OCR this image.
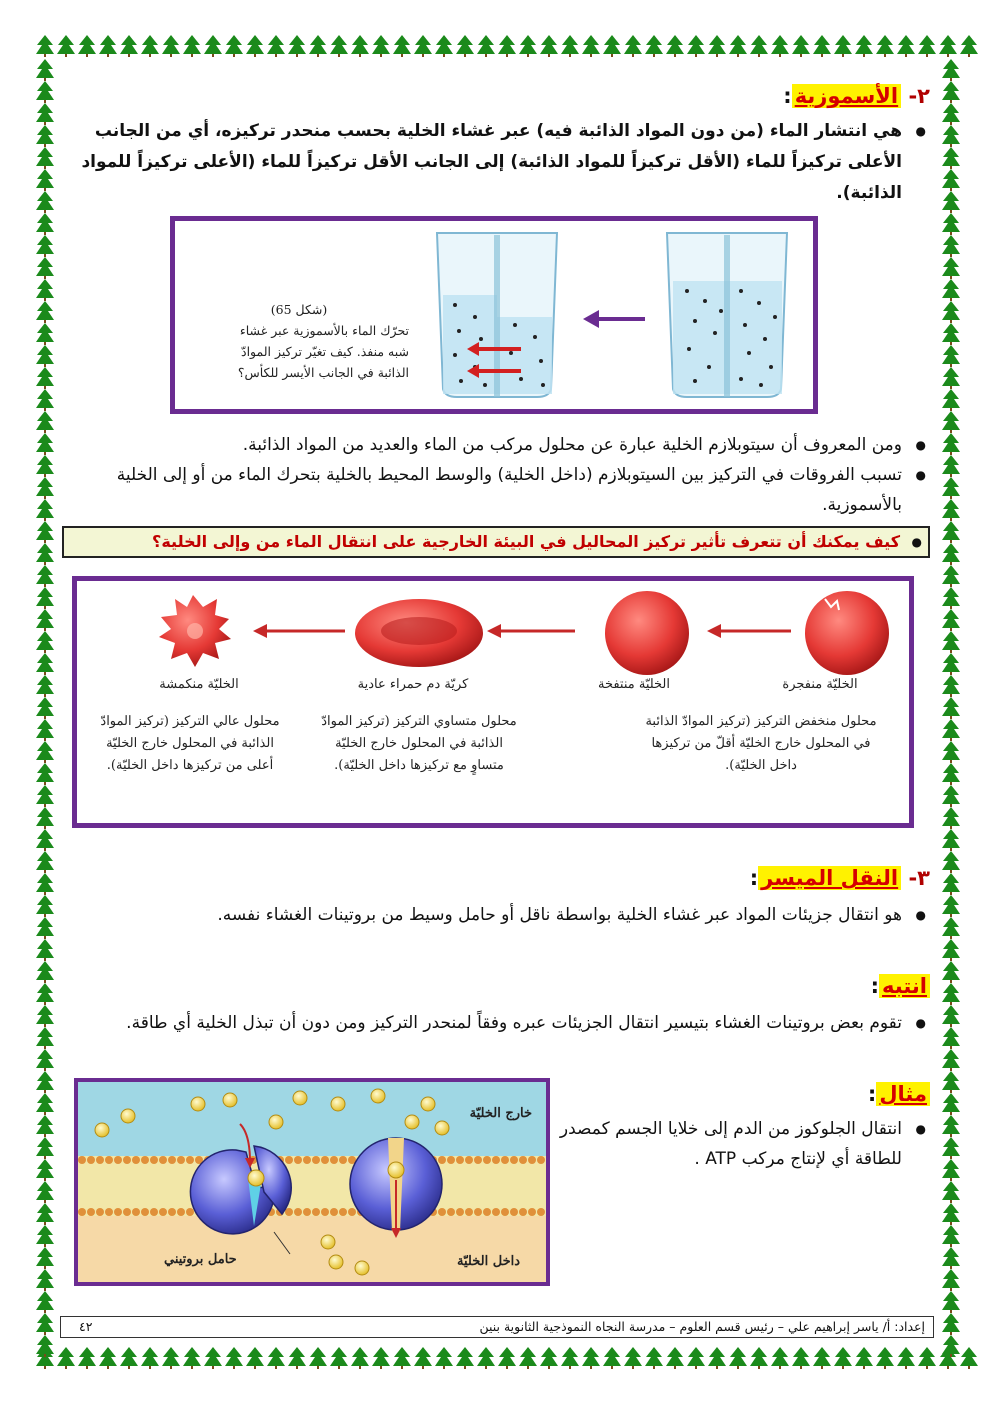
٢- الأسموزية:
● هي انتشار الماء (من دون المواد الذائبة فيه) عبر غشاء الخلية بحسب منحدر تركيزه، أي من الجانب الأعلى تركيزاً للماء (الأقل تركيزاً للمواد الذائبة) إلى الجانب الأقل تركيزاً للماء (الأعلى تركيزاً للمواد الذائبة).
(شكل 65)
تحرّك الماء بالأسموزية عبر غشاء
شبه منفذ. كيف تغيّر تركيز الموادّ
الذائبة في الجانب الأيسر للكأس؟
● ومن المعروف أن سيتوبلازم الخلية عبارة عن محلول مركب من الماء والعديد من المواد الذائبة.
● تسبب الفروقات في التركيز بين السيتوبلازم (داخل الخلية) والوسط المحيط بالخلية بتحرك الماء من أو إلى الخلية بالأسموزية.
● كيف يمكنك أن تتعرف تأثير تركيز المحاليل في البيئة الخارجية على انتقال الماء من وإلى الخلية؟
الخليّة منفجرة
الخليّة منتفخة
كريّة دم حمراء عادية
الخليّة منكمشة
محلول منخفض التركيز (تركيز الموادّ الذائبة في المحلول خارج الخليّة أقلّ من تركيزها داخل الخليّة).
محلول متساوي التركيز (تركيز الموادّ الذائبة في المحلول خارج الخليّة متساوٍ مع تركيزها داخل الخليّة).
محلول عالي التركيز (تركيز الموادّ الذائبة في المحلول خارج الخليّة أعلى من تركيزها داخل الخليّة).
٣- النقل الميسر:
● هو انتقال جزيئات المواد عبر غشاء الخلية بواسطة ناقل أو حامل وسيط من بروتينات الغشاء نفسه.
انتبه:
● تقوم بعض بروتينات الغشاء بتيسير انتقال الجزيئات عبره وفقاً لمنحدر التركيز ومن دون أن تبذل الخلية أي طاقة.
مثال:
● انتقال الجلوكوز من الدم إلى خلايا الجسم كمصدر للطاقة أي لإنتاج مركب ATP .
خارج الخليّة
داخل الخليّة
حامل بروتيني
إعداد: أ/ ياسر إبراهيم علي – رئيس قسم العلوم – مدرسة النجاه النموذجية الثانوية بنين
٤٢
